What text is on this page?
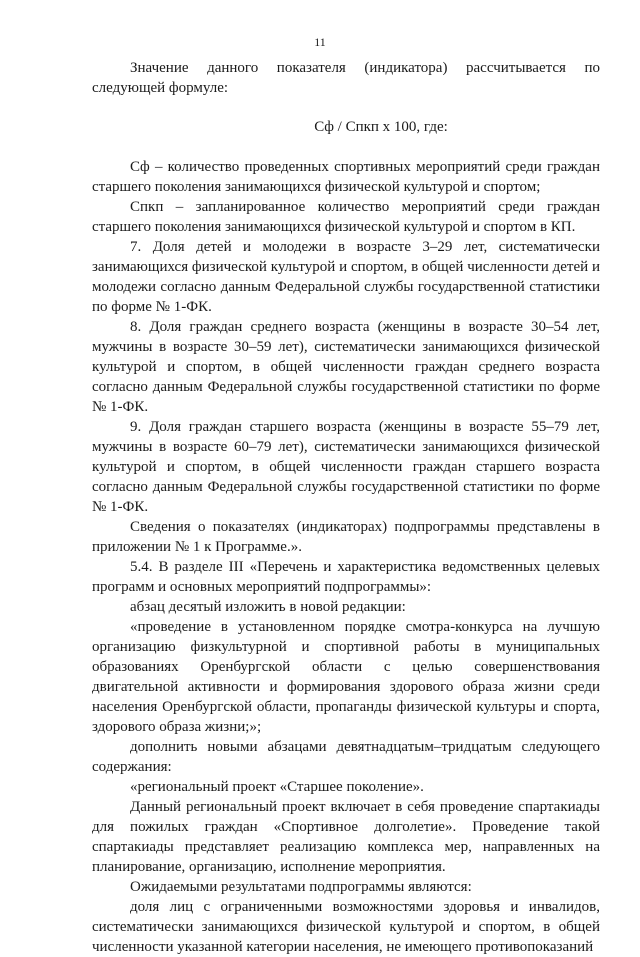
11

Значение данного показателя (индикатора) рассчитывается по следующей формуле:

Сф / Спкп х 100, где:

Сф – количество проведенных спортивных мероприятий среди граждан старшего поколения занимающихся физической культурой и спортом;

Спкп – запланированное количество мероприятий среди граждан старшего поколения занимающихся физической культурой и спортом в КП.

7. Доля детей и молодежи в возрасте 3–29 лет, систематически занимающихся физической культурой и спортом, в общей численности детей и молодежи согласно данным Федеральной службы государственной статистики по форме № 1-ФК.

8. Доля граждан среднего возраста (женщины в возрасте 30–54 лет, мужчины в возрасте 30–59 лет), систематически занимающихся физической культурой и спортом, в общей численности граждан среднего возраста согласно данным Федеральной службы государственной статистики по форме № 1-ФК.

9. Доля граждан старшего возраста (женщины в возрасте 55–79 лет, мужчины в возрасте 60–79 лет), систематически занимающихся физической культурой и спортом, в общей численности граждан старшего возраста согласно данным Федеральной службы государственной статистики по форме № 1-ФК.

Сведения о показателях (индикаторах) подпрограммы представлены в приложении № 1 к Программе.».

5.4. В разделе III «Перечень и характеристика ведомственных целевых программ и основных мероприятий подпрограммы»:

абзац десятый изложить в новой редакции:

«проведение в установленном порядке смотра-конкурса на лучшую организацию физкультурной и спортивной работы в муниципальных образованиях Оренбургской области с целью совершенствования двигательной активности и формирования здорового образа жизни среди населения Оренбургской области, пропаганды физической культуры и спорта, здорового образа жизни;»;

дополнить новыми абзацами девятнадцатым–тридцатым следующего содержания:

«региональный проект «Старшее поколение».

Данный региональный проект включает в себя проведение спартакиады для пожилых граждан «Спортивное долголетие». Проведение такой спартакиады представляет реализацию комплекса мер, направленных на планирование, организацию, исполнение мероприятия.

Ожидаемыми результатами подпрограммы являются:

доля лиц с ограниченными возможностями здоровья и инвалидов, систематически занимающихся физической культурой и спортом, в общей численности указанной категории населения, не имеющего противопоказаний
